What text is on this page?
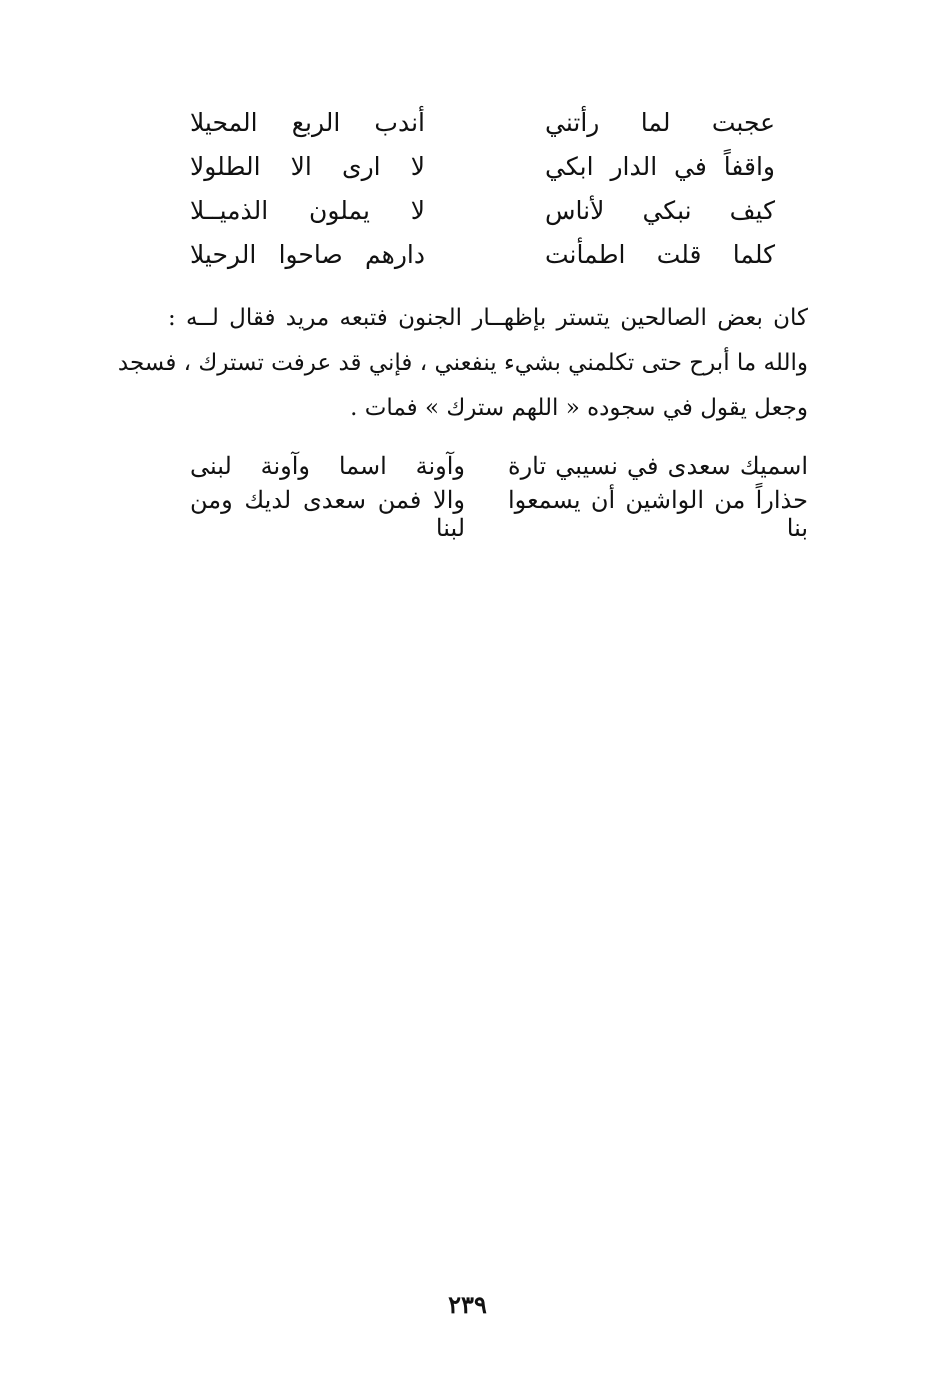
عجبت لما رأتني
أندب الربع المحيلا
واقفاً في الدار ابكي
لا ارى الا الطلولا
كيف نبكي لأناس
لا يملون الذميــلا
كلما قلت اطمأنت
دارهم صاحوا الرحيلا
كان بعض الصالحين يتستر بإظهــار الجنون فتبعه مريد فقال لــه :
والله ما أبرح حتى تكلمني بشيء ينفعني ، فإني قد عرفت تسترك ، فسجد
وجعل يقول في سجوده « اللهم سترك » فمات .
اسميك سعدى في نسيبي تارة
وآونة اسما وآونة لبنى
حذاراً من الواشين أن يسمعوا بنا
والا فمن سعدى لديك ومن لبنا
٢٣٩
